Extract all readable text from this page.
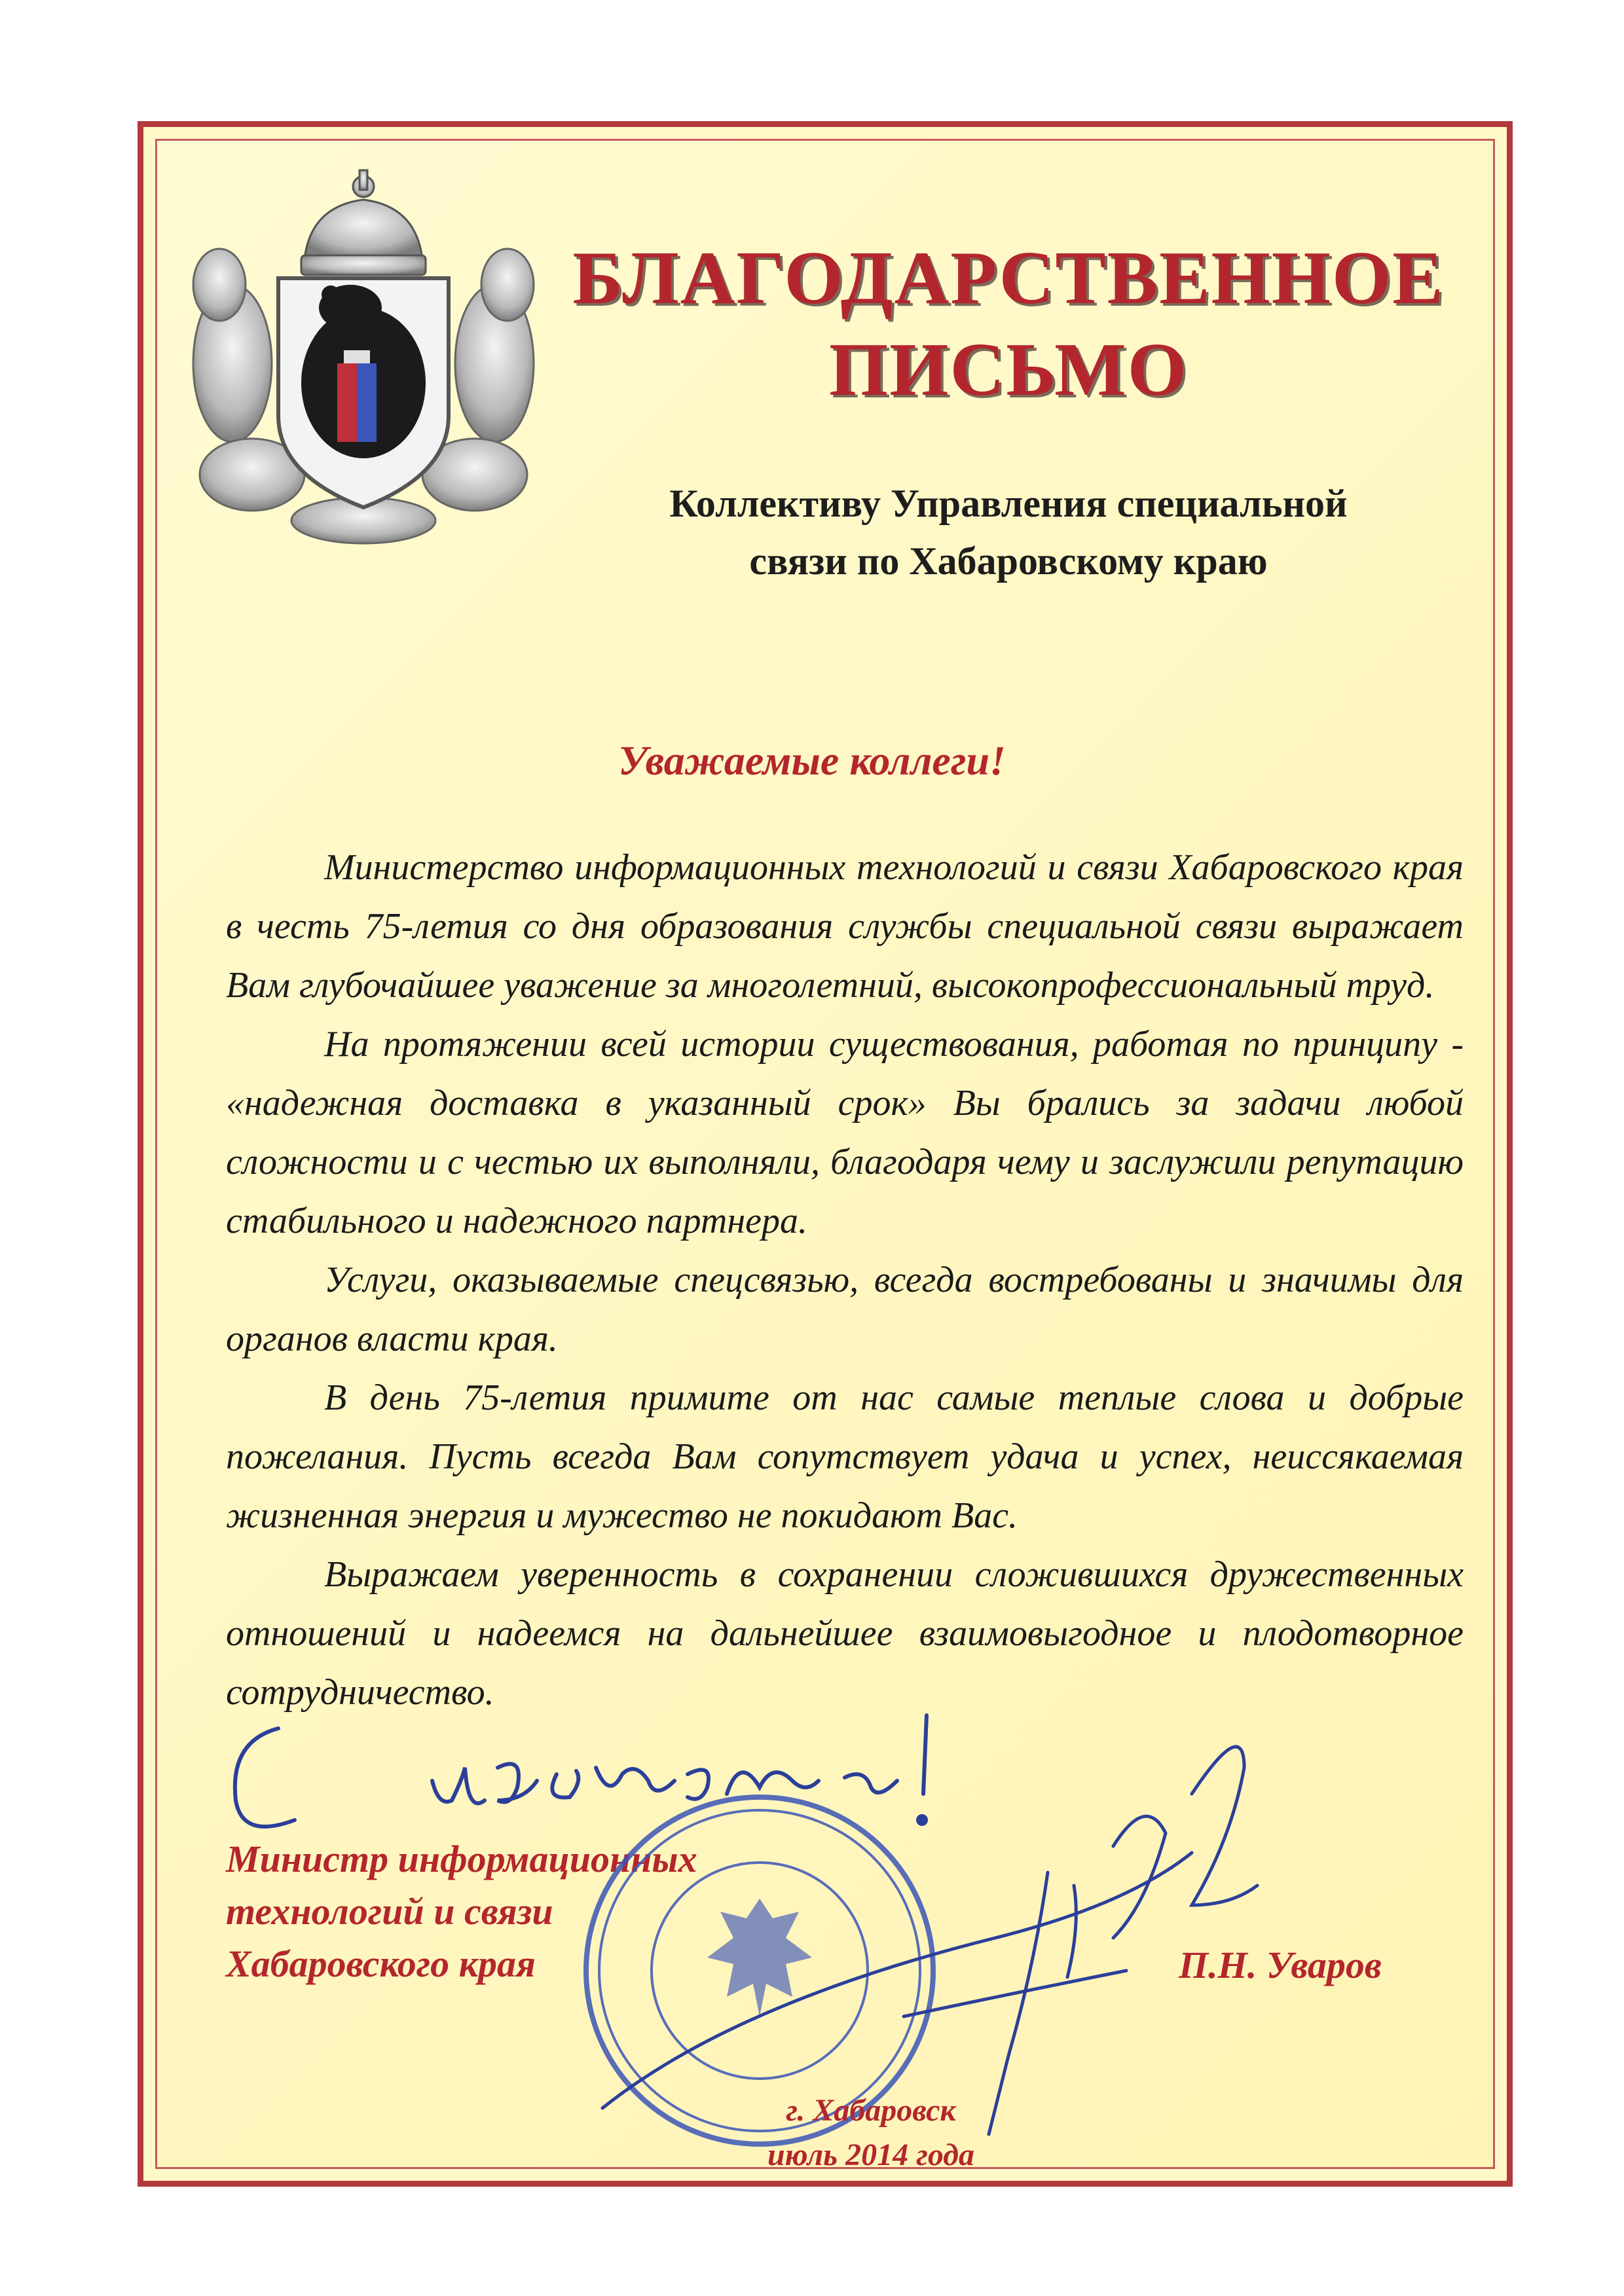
БЛАГОДАРСТВЕННОЕ
ПИСЬМО
Коллективу Управления специальной
связи по Хабаровскому краю
Уважаемые коллеги!

Министерство информационных технологий и связи Хабаровского края в честь 75-летия со дня образования службы специальной связи выражает Вам глубочайшее уважение за многолетний, высокопрофессиональный труд.

На протяжении всей истории существования, работая по принципу - «надежная доставка в указанный срок» Вы брались за задачи любой сложности и с честью их выполняли, благодаря чему и заслужили репутацию стабильного и надежного партнера.

Услуги, оказываемые спецсвязью, всегда востребованы и значимы для органов власти края.

В день 75-летия примите от нас самые теплые слова и добрые пожелания. Пусть всегда Вам сопутствует удача и успех, неиссякаемая жизненная энергия и мужество не покидают Вас.

Выражаем уверенность в сохранении сложившихся дружественных отношений и надеемся на дальнейшее взаимовыгодное и плодотворное сотрудничество.

Министр информационных
технологий и связи
Хабаровского края	П.Н. Уваров
г. Хабаровск
июль 2014 года
